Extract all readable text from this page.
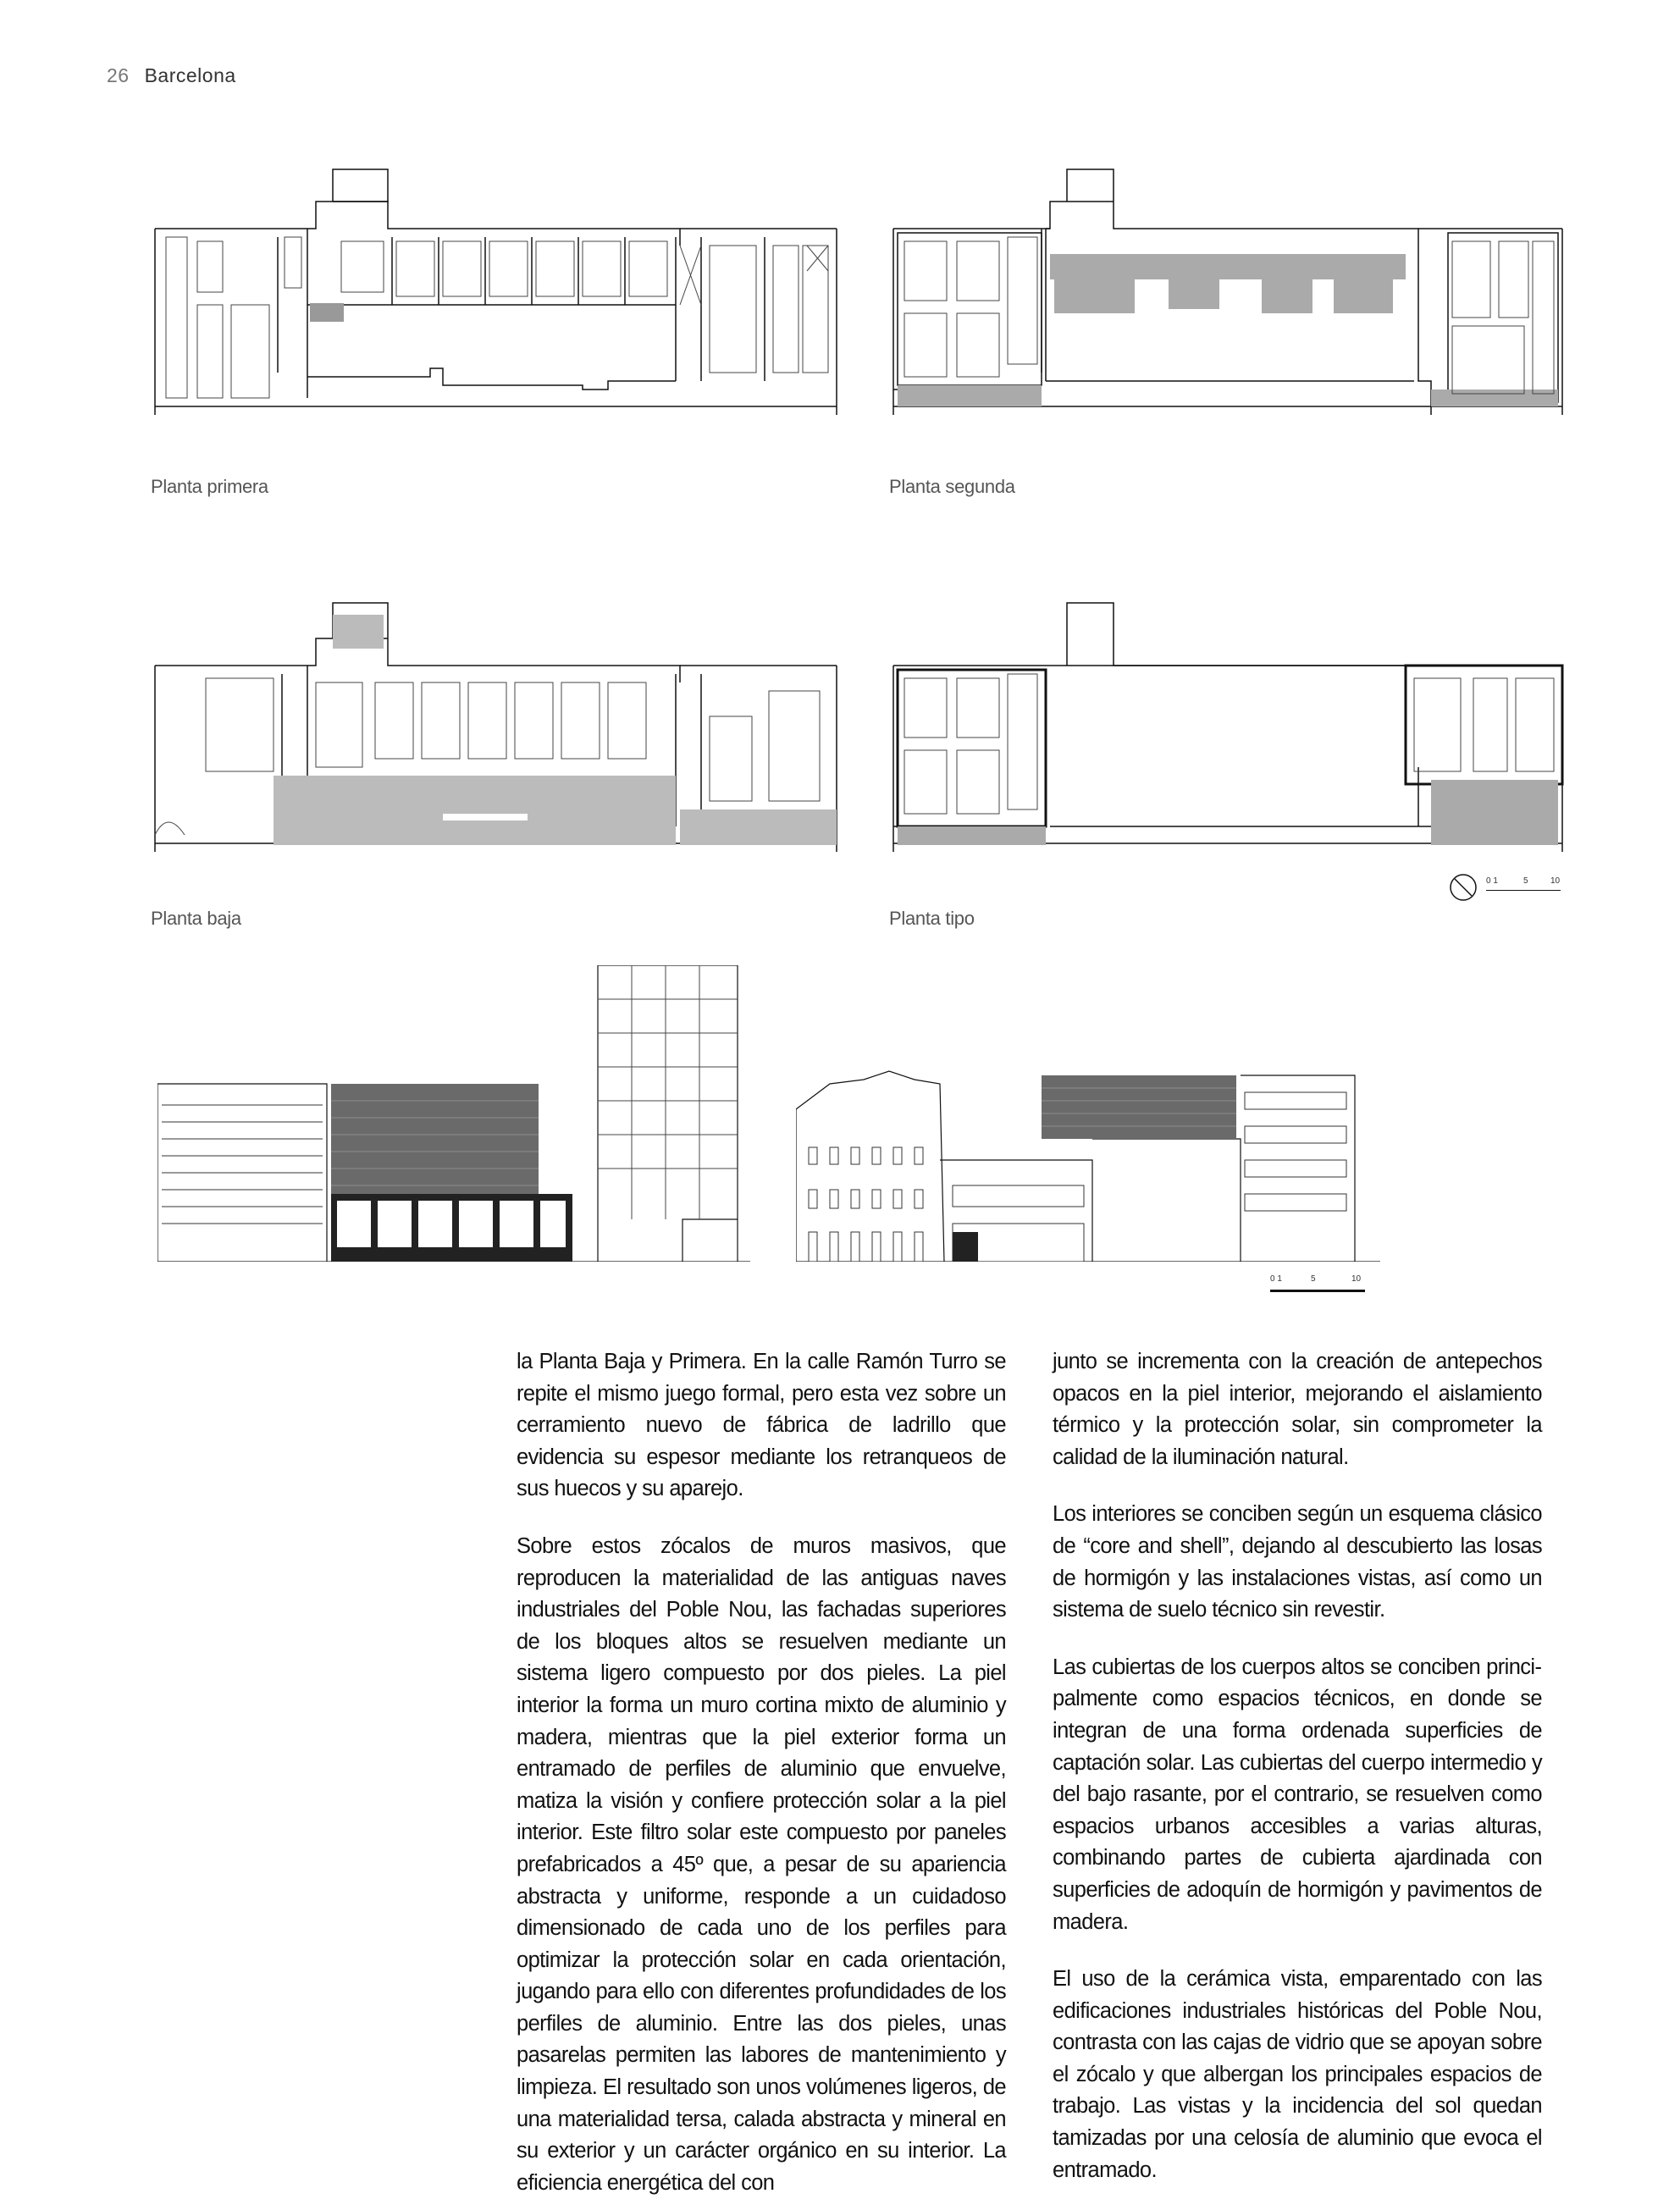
26 Barcelona
Planta primera	Planta segunda
Planta baja	Planta tipo
0 1	5	10
0 1	5	10

la Planta Baja y Primera. En la calle Ramón Turro se repite el mismo juego formal, pero esta vez sobre un cerramiento nuevo de fábrica de ladrillo que evidencia su espesor mediante los retranqueos de sus huecos y su aparejo.

Sobre estos zócalos de muros masivos, que reproducen la materialidad de las antiguas naves industriales del Poble Nou, las fachadas superiores de los bloques altos se resuelven mediante un sistema ligero compuesto por dos pieles. La piel interior la forma un muro cortina mixto de aluminio y madera, mientras que la piel exterior forma un entramado de perfiles de aluminio que envuelve, matiza la visión y confiere protección solar a la piel interior. Este filtro solar este compuesto por paneles prefabricados a 45º que, a pesar de su apariencia abstracta y uniforme, responde a un cuidadoso dimensionado de cada uno de los perfiles para optimizar la protección solar en cada orientación, jugando para ello con diferentes profundidades de los perfiles de aluminio. Entre las dos pieles, unas pasarelas permiten las labores de mantenimiento y limpieza. El resultado son unos volúmenes ligeros, de una materialidad tersa, calada abstracta y mineral en su exterior y un carácter orgánico en su interior. La eficiencia energética del con

junto se incrementa con la creación de antepechos opacos en la piel interior, mejorando el aislamiento térmico y la protección solar, sin comprometer la calidad de la iluminación natural.

Los interiores se conciben según un esquema clásico de “core and shell”, dejando al descubierto las losas de hormigón y las instalaciones vistas, así como un sistema de suelo técnico sin revestir.

Las cubiertas de los cuerpos altos se conciben principalmente como espacios técnicos, en donde se integran de una forma ordenada superficies de captación solar. Las cubiertas del cuerpo intermedio y del bajo rasante, por el contrario, se resuelven como espacios urbanos accesibles a varias alturas, combinando partes de cubierta ajardinada con superficies de adoquín de hormigón y pavimentos de madera.

El uso de la cerámica vista, emparentado con las edificaciones industriales históricas del Poble Nou, contrasta con las cajas de vidrio que se apoyan sobre el zócalo y que albergan los principales espacios de trabajo. Las vistas y la incidencia del sol quedan tamizadas por una celosía de aluminio que evoca el entramado.
